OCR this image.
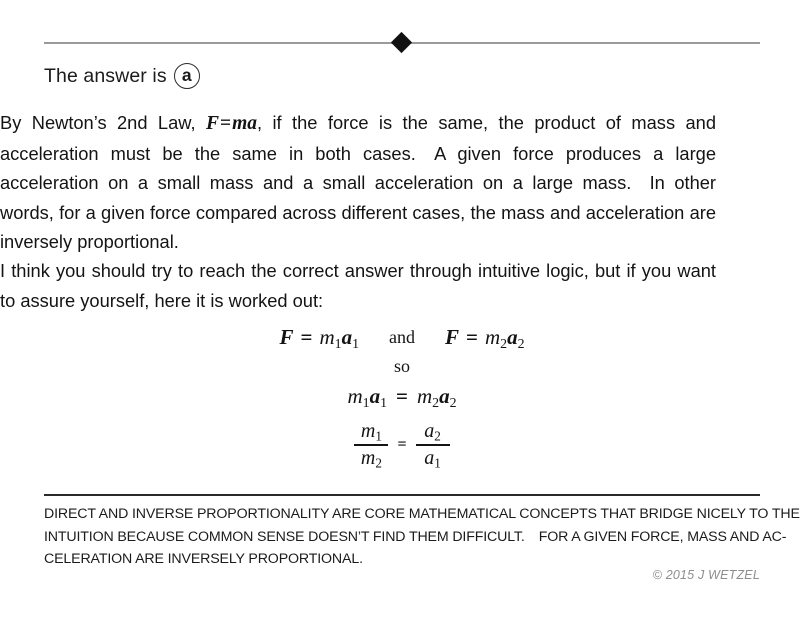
The answer is a

By Newton’s 2nd Law, F=ma, if the force is the same, the product of mass and acceleration must be the same in both cases. A given force produces a large acceleration on a small mass and a small acceleration on a large mass. In other words, for a given force compared across different cases, the mass and acceleration are inversely proportional.

I think you should try to reach the correct answer through intuitive logic, but if you want to assure yourself, here it is worked out:

$F = m_1a_1$	and	$F = m_2a_2$
so
$m_1a_1 = m_2a_2$
$\frac{m_1}{m_2} = \frac{a_2}{a_1}$
DIRECT AND INVERSE PROPORTIONALITY ARE CORE MATHEMATICAL CONCEPTS THAT BRIDGE NICELY TO THE
INTUITION BECAUSE COMMON SENSE DOESN’T FIND THEM DIFFICULT. FOR A GIVEN FORCE, MASS AND AC-
CELERATION ARE INVERSELY PROPORTIONAL.
© 2015 J WETZEL
